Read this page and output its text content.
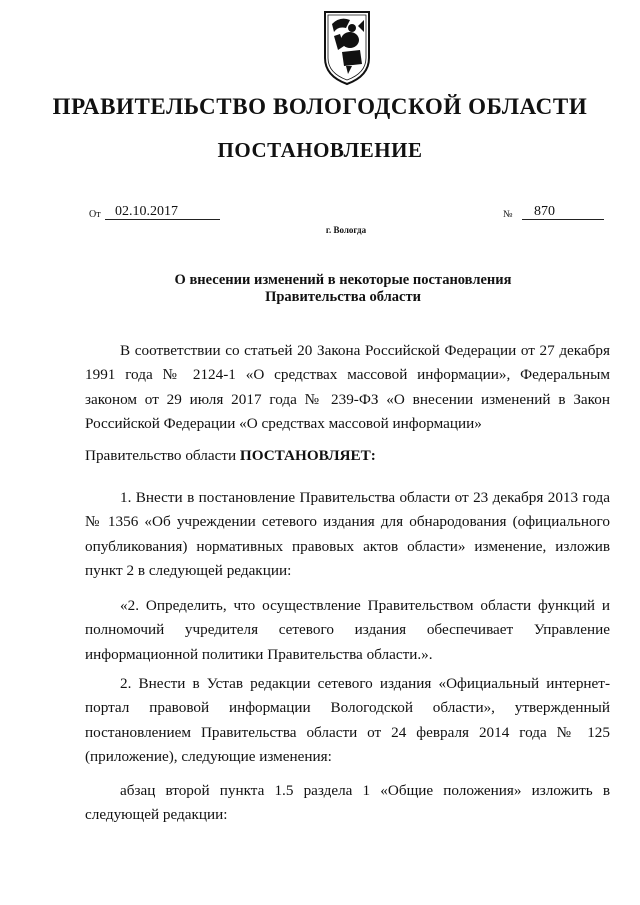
ПРАВИТЕЛЬСТВО ВОЛОГОДСКОЙ ОБЛАСТИ
ПОСТАНОВЛЕНИЕ
От	02.10.2017	№	870
г. Вологда
О внесении изменений в некоторые постановления
Правительства области

В соответствии со статьей 20 Закона Российской Федерации от 27 декабря 1991 года № 2124-1 «О средствах массовой информации», Федеральным законом от 29 июля 2017 года № 239-ФЗ «О внесении изменений в Закон Российской Федерации «О средствах массовой информации»

Правительство области ПОСТАНОВЛЯЕТ:

1. Внести в постановление Правительства области от 23 декабря 2013 года № 1356 «Об учреждении сетевого издания для обнародования (официального опубликования) нормативных правовых актов области» изменение, изложив пункт 2 в следующей редакции:

«2. Определить, что осуществление Правительством области функций и полномочий учредителя сетевого издания обеспечивает Управление информационной политики Правительства области.».

2. Внести в Устав редакции сетевого издания «Официальный интернет-портал правовой информации Вологодской области», утвержденный постановлением Правительства области от 24 февраля 2014 года № 125 (приложение), следующие изменения:

абзац второй пункта 1.5 раздела 1 «Общие положения» изложить в следующей редакции:
